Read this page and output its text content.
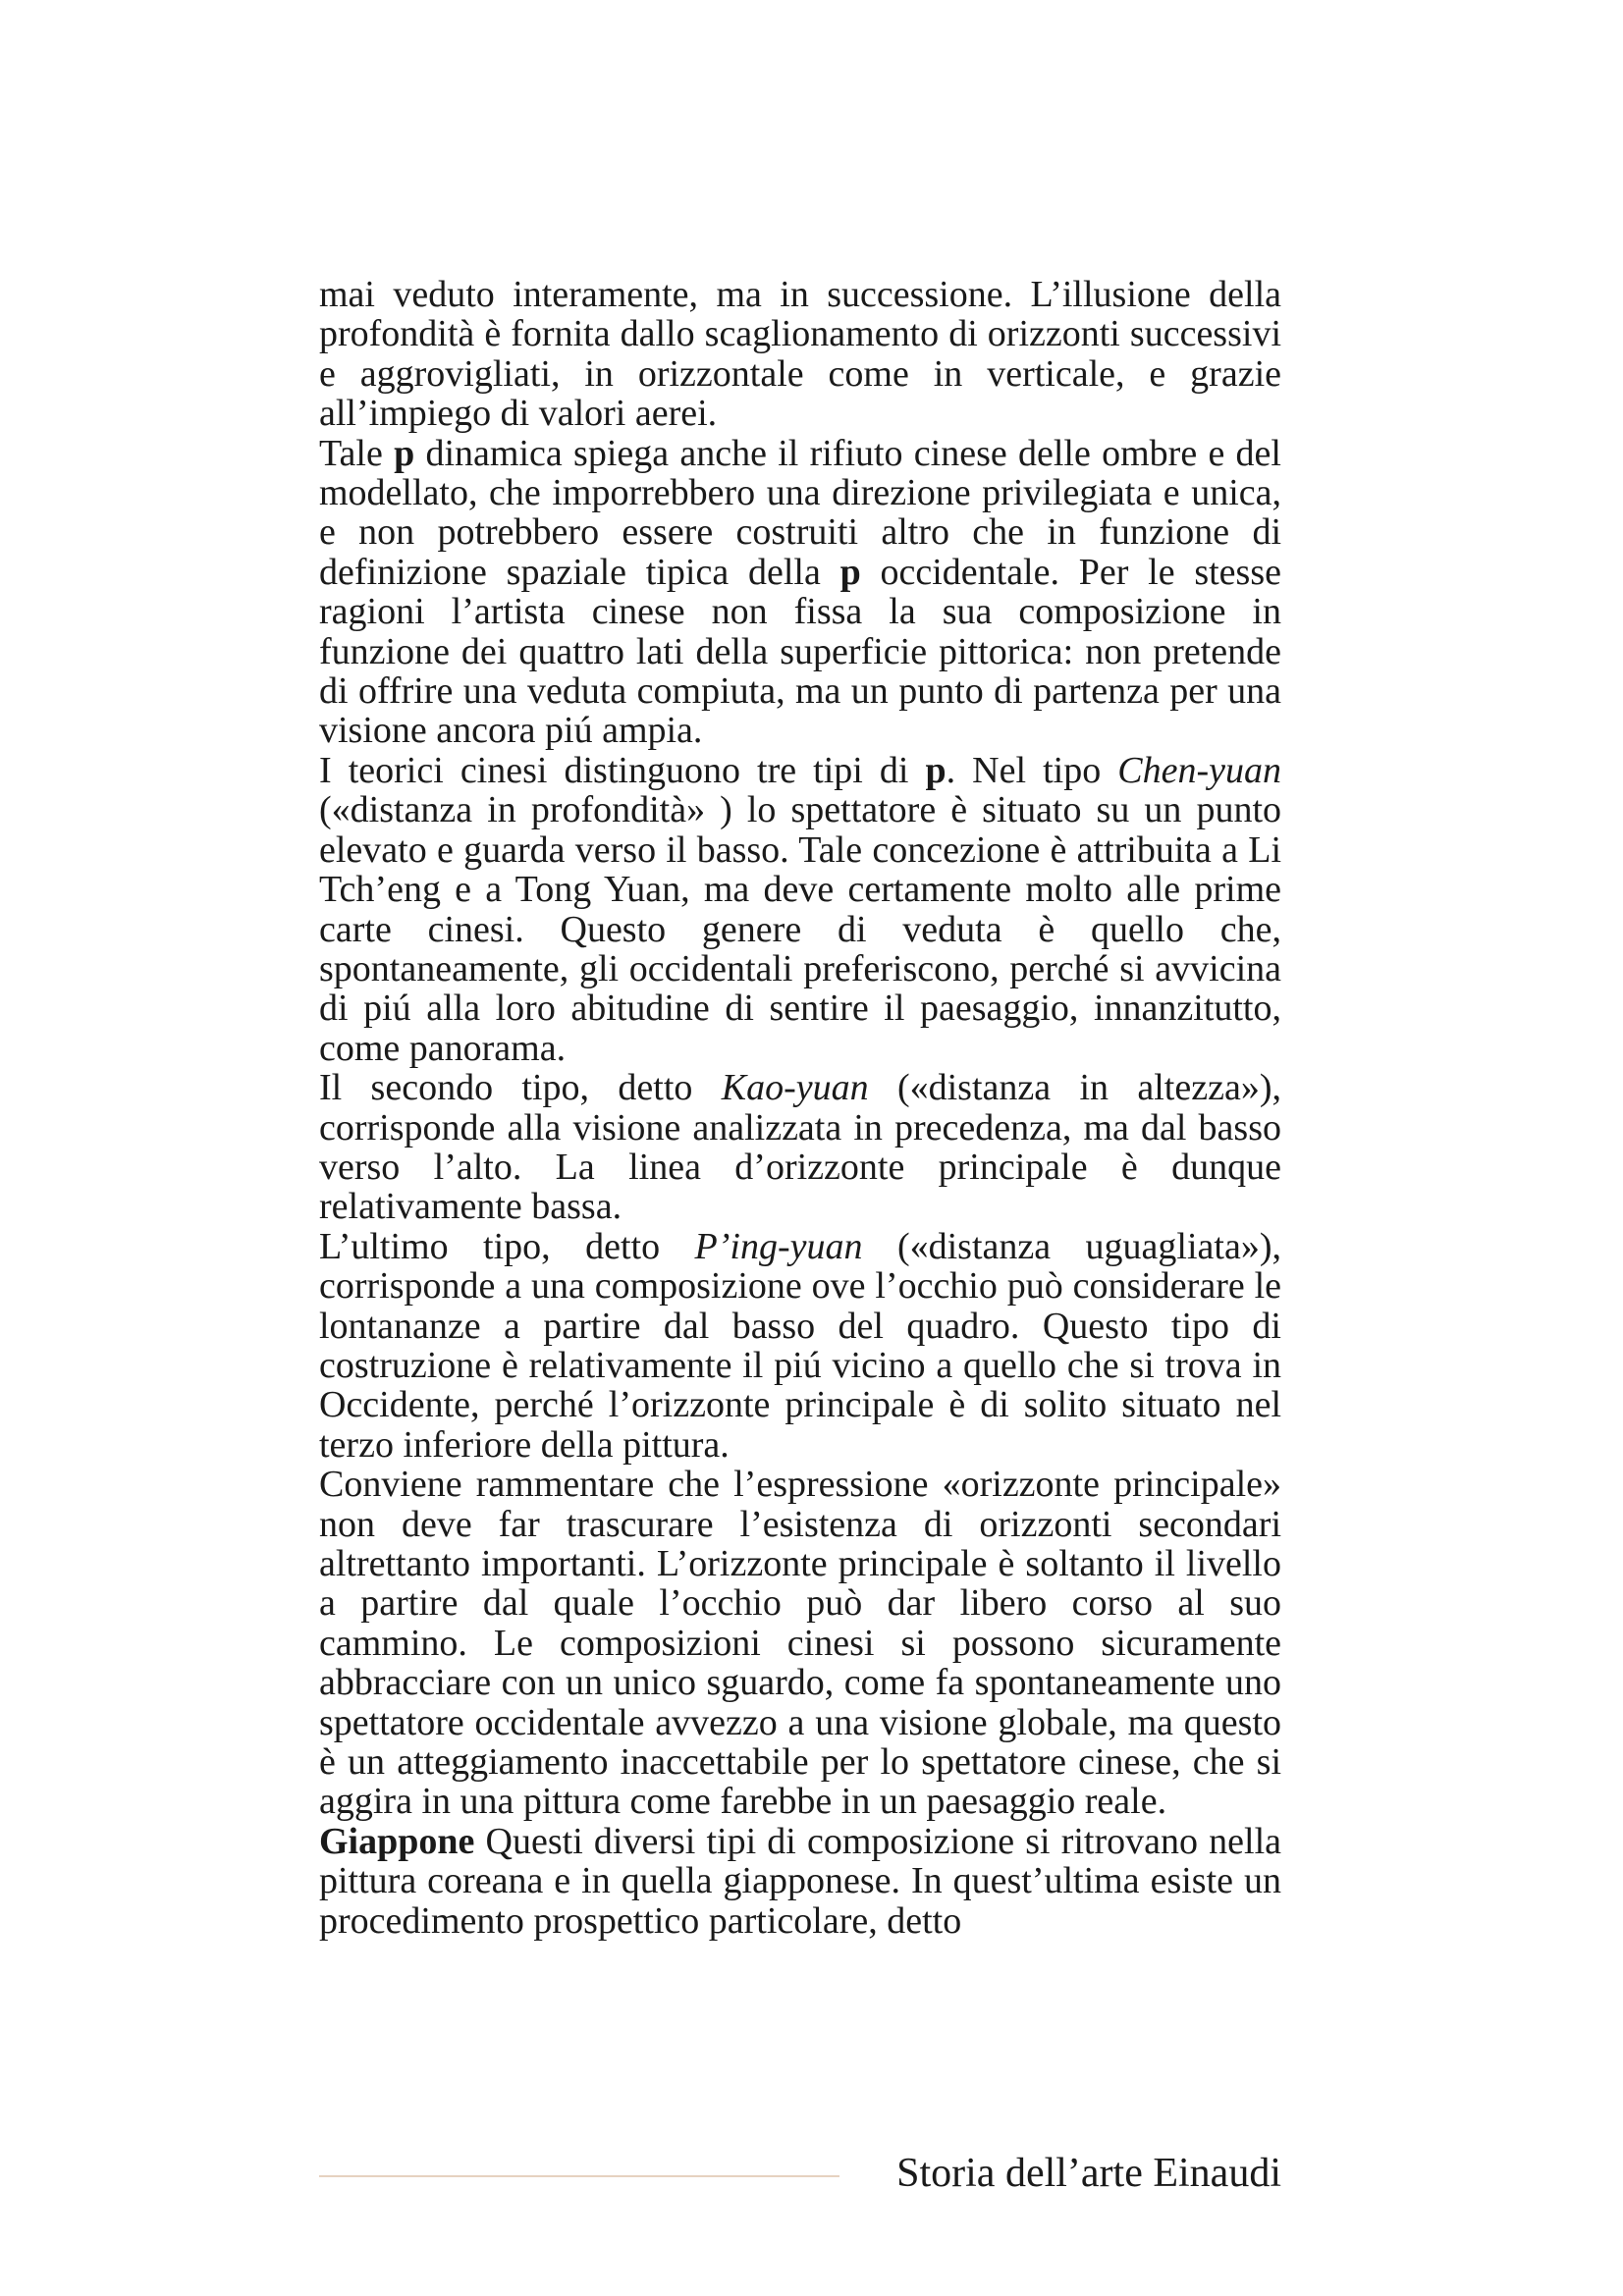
mai veduto interamente, ma in successione. L’illusione della profondità è fornita dallo scaglionamento di orizzonti successivi e aggrovigliati, in orizzontale come in verticale, e grazie all’impiego di valori aerei.

Tale p dinamica spiega anche il rifiuto cinese delle ombre e del modellato, che imporrebbero una direzione privilegiata e unica, e non potrebbero essere costruiti altro che in funzione di definizione spaziale tipica della p occidentale. Per le stesse ragioni l’artista cinese non fissa la sua composizione in funzione dei quattro lati della superficie pittorica: non pretende di offrire una veduta compiuta, ma un punto di partenza per una visione ancora piú ampia.

I teorici cinesi distinguono tre tipi di p. Nel tipo Chen-yuan («distanza in profondità» ) lo spettatore è situato su un punto elevato e guarda verso il basso. Tale concezione è attribuita a Li Tch’eng e a Tong Yuan, ma deve certamente molto alle prime carte cinesi. Questo genere di veduta è quello che, spontaneamente, gli occidentali preferiscono, perché si avvicina di piú alla loro abitudine di sentire il paesaggio, innanzitutto, come panorama.

Il secondo tipo, detto Kao-yuan («distanza in altezza»), corrisponde alla visione analizzata in precedenza, ma dal basso verso l’alto. La linea d’orizzonte principale è dunque relativamente bassa.

L’ultimo tipo, detto P’ing-yuan («distanza uguagliata»), corrisponde a una composizione ove l’occhio può considerare le lontananze a partire dal basso del quadro. Questo tipo di costruzione è relativamente il piú vicino a quello che si trova in Occidente, perché l’orizzonte principale è di solito situato nel terzo inferiore della pittura.

Conviene rammentare che l’espressione «orizzonte principale» non deve far trascurare l’esistenza di orizzonti secondari altrettanto importanti. L’orizzonte principale è soltanto il livello a partire dal quale l’occhio può dar libero corso al suo cammino. Le composizioni cinesi si possono sicuramente abbracciare con un unico sguardo, come fa spontaneamente uno spettatore occidentale avvezzo a una visione globale, ma questo è un atteggiamento inaccettabile per lo spettatore cinese, che si aggira in una pittura come farebbe in un paesaggio reale.

Giappone Questi diversi tipi di composizione si ritrovano nella pittura coreana e in quella giapponese. In quest’ultima esiste un procedimento prospettico particolare, detto

Storia dell’arte Einaudi
